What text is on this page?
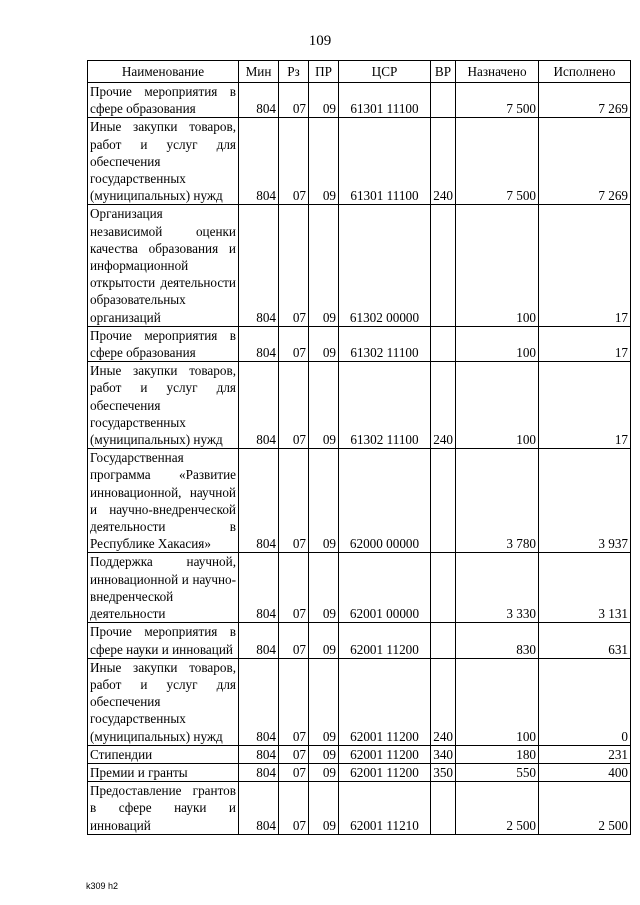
109
Наименование	Мин	Рз	ПР	ЦСР	ВР	Назначено	Исполнено
Прочие мероприятия в сфере образования	804	07	09	61301 11100		7 500	7 269
Иные закупки товаров, работ и услуг для обеспечения государственных (муниципальных) нужд	804	07	09	61301 11100	240	7 500	7 269
Организация независимой оценки качества образования и информационной открытости деятельности образовательных организаций	804	07	09	61302 00000		100	17
Прочие мероприятия в сфере образования	804	07	09	61302 11100		100	17
Иные закупки товаров, работ и услуг для обеспечения государственных (муниципальных) нужд	804	07	09	61302 11100	240	100	17
Государственная программа «Развитие инновационной, научной и научно-внедренческой деятельности в Республике Хакасия»	804	07	09	62000 00000		3 780	3 937
Поддержка научной, инновационной и научно-внедренческой деятельности	804	07	09	62001 00000		3 330	3 131
Прочие мероприятия в сфере науки и инноваций	804	07	09	62001 11200		830	631
Иные закупки товаров, работ и услуг для обеспечения государственных (муниципальных) нужд	804	07	09	62001 11200	240	100	0
Стипендии	804	07	09	62001 11200	340	180	231
Премии и гранты	804	07	09	62001 11200	350	550	400
Предоставление грантов в сфере науки и инноваций	804	07	09	62001 11210		2 500	2 500
k309 h2
